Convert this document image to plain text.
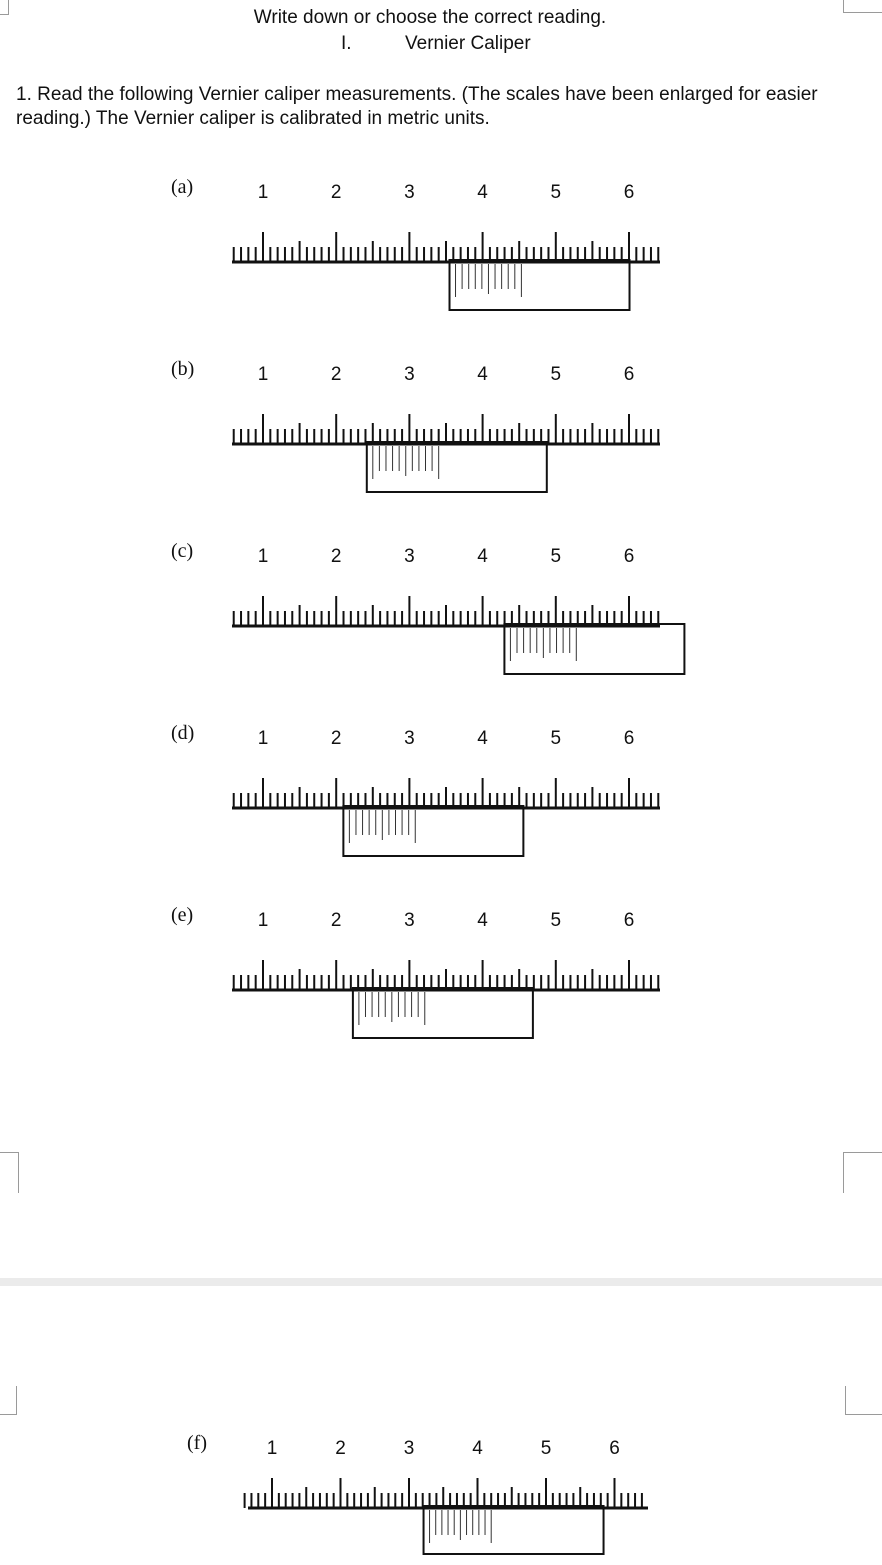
Write down or choose the correct reading.

I.	Vernier Caliper

1. Read the following Vernier caliper measurements. (The scales have been enlarged for easier reading.) The Vernier caliper is calibrated in metric units.

(a)	1	2	3	4	5	6
(b)	1	2	3	4	5	6
(c)	1	2	3	4	5	6
(d)	1	2	3	4	5	6
(e)	1	2	3	4	5	6
(f)	1	2	3	4	5	6
